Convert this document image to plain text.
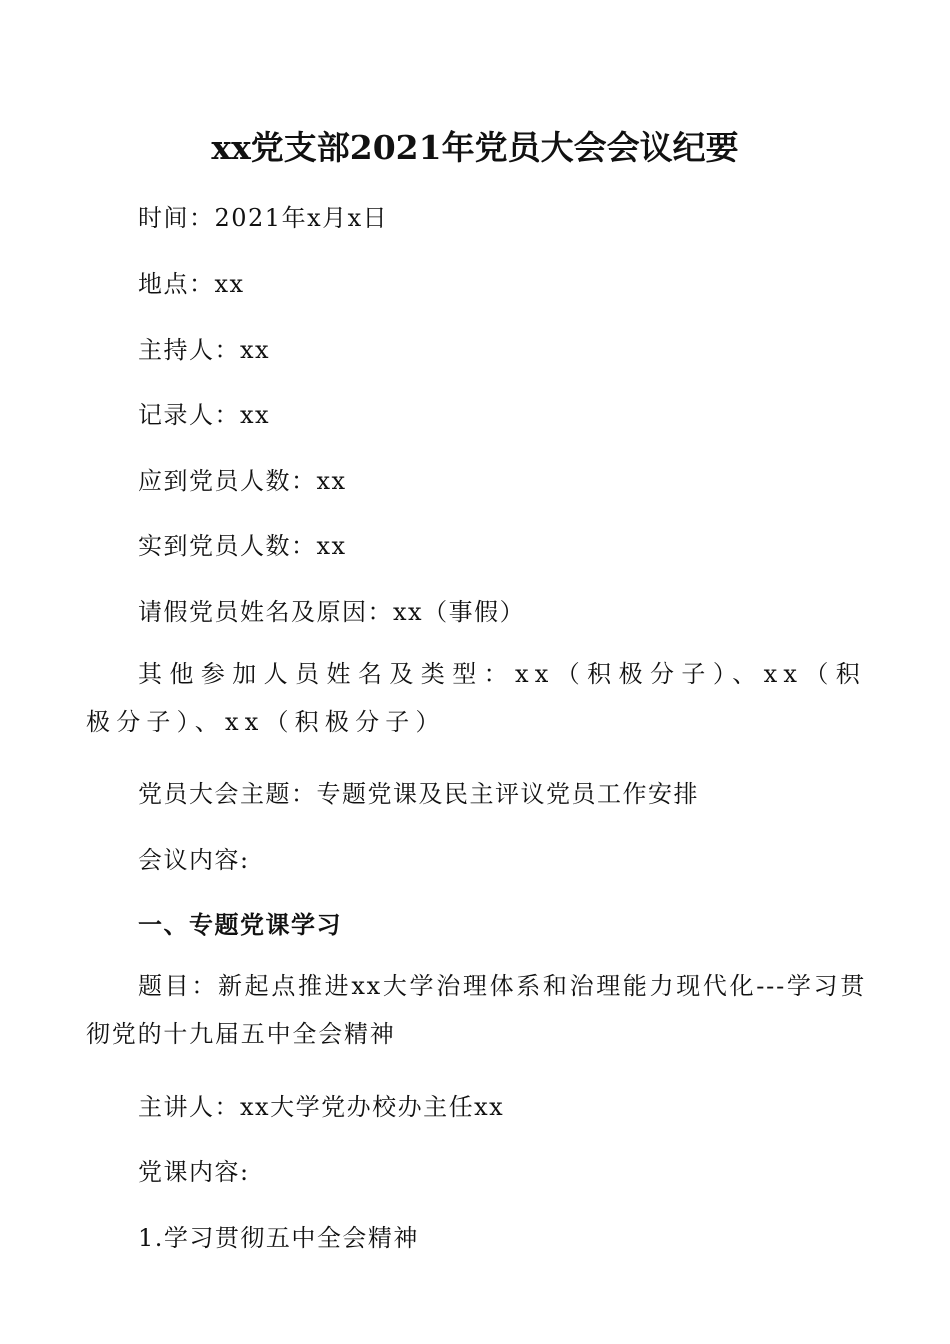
xx党支部2021年党员大会会议纪要
时间：2021年x月x日
地点：xx
主持人：xx
记录人：xx
应到党员人数：xx
实到党员人数：xx
请假党员姓名及原因：xx（事假）
其他参加人员姓名及类型：xx（积极分子）、xx（积极分子）、xx（积极分子）
党员大会主题：专题党课及民主评议党员工作安排
会议内容:
一、专题党课学习
题目：新起点推进xx大学治理体系和治理能力现代化---学习贯彻党的十九届五中全会精神
主讲人：xx大学党办校办主任xx
党课内容:
1.学习贯彻五中全会精神
